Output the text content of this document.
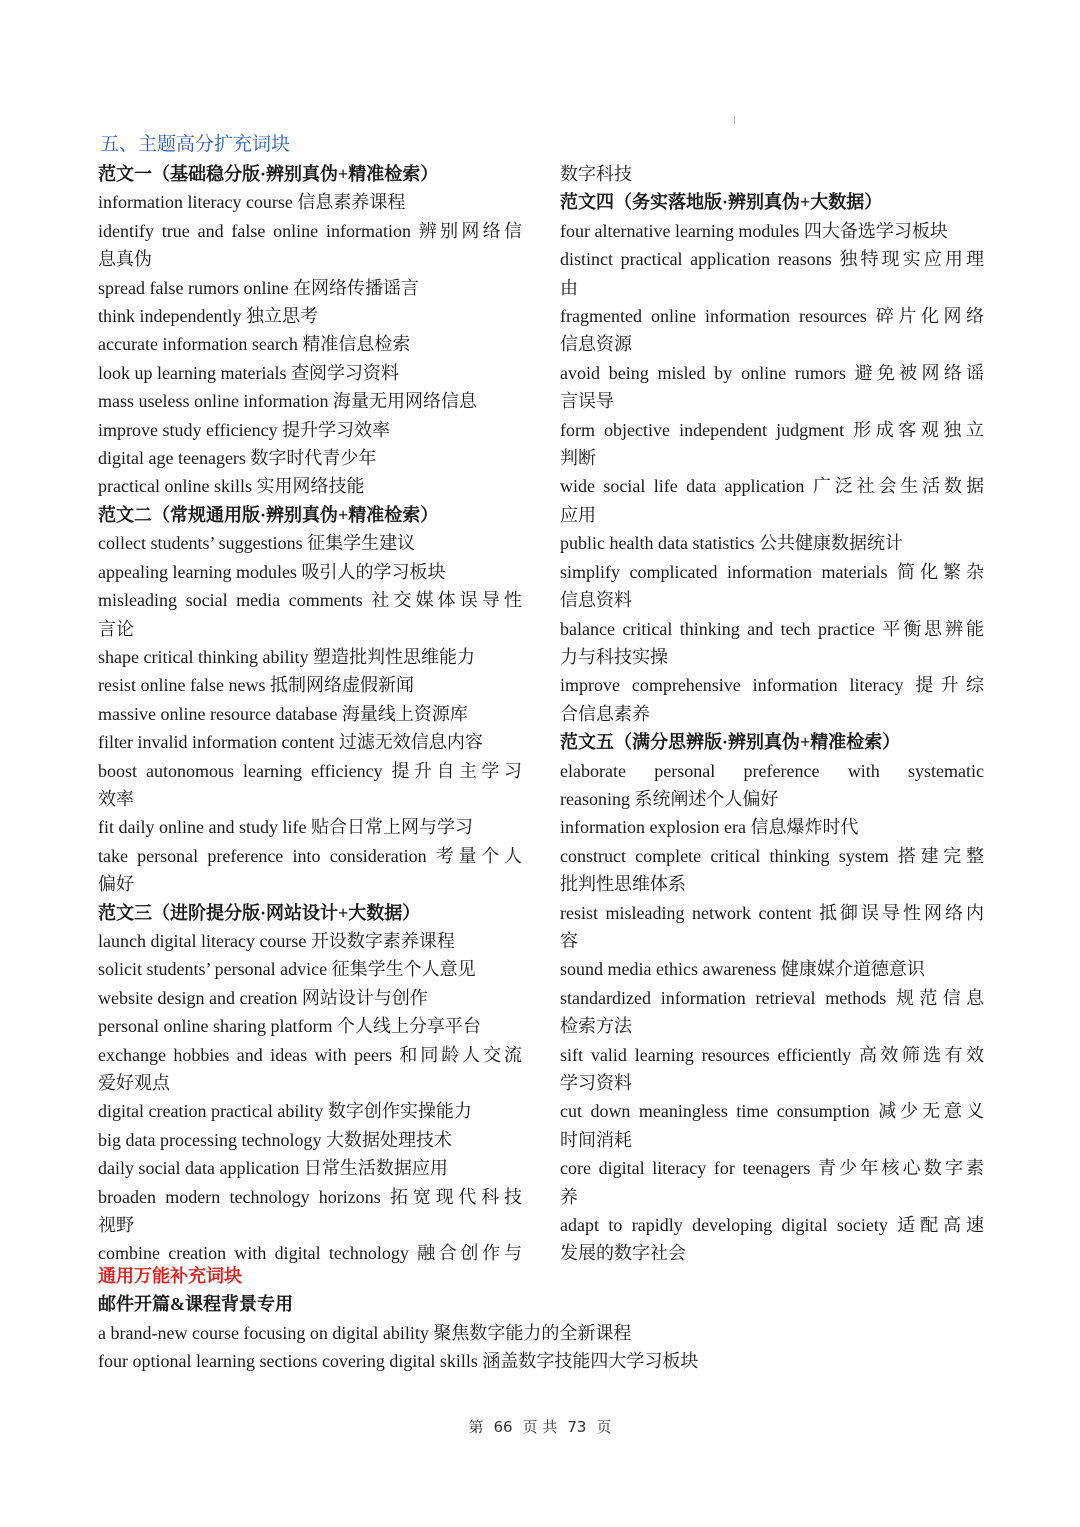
五、主题高分扩充词块
范文一（基础稳分版·辨别真伪+精准检索）
information literacy course 信息素养课程
identify true and false online information 辨别网络信
息真伪
spread false rumors online 在网络传播谣言
think independently 独立思考
accurate information search 精准信息检索
look up learning materials 查阅学习资料
mass useless online information 海量无用网络信息
improve study efficiency 提升学习效率
digital age teenagers 数字时代青少年
practical online skills 实用网络技能
范文二（常规通用版·辨别真伪+精准检索）
collect students’ suggestions 征集学生建议
appealing learning modules 吸引人的学习板块
misleading social media comments 社交媒体误导性
言论
shape critical thinking ability 塑造批判性思维能力
resist online false news 抵制网络虚假新闻
massive online resource database 海量线上资源库
filter invalid information content 过滤无效信息内容
boost autonomous learning efficiency 提升自主学习
效率
fit daily online and study life 贴合日常上网与学习
take personal preference into consideration 考量个人
偏好
范文三（进阶提分版·网站设计+大数据）
launch digital literacy course 开设数字素养课程
solicit students’ personal advice 征集学生个人意见
website design and creation 网站设计与创作
personal online sharing platform 个人线上分享平台
exchange hobbies and ideas with peers 和同龄人交流
爱好观点
digital creation practical ability 数字创作实操能力
big data processing technology 大数据处理技术
daily social data application 日常生活数据应用
broaden modern technology horizons 拓宽现代科技
视野
combine creation with digital technology 融合创作与
数字科技
范文四（务实落地版·辨别真伪+大数据）
four alternative learning modules 四大备选学习板块
distinct practical application reasons 独特现实应用理
由
fragmented online information resources 碎片化网络
信息资源
avoid being misled by online rumors 避免被网络谣
言误导
form objective independent judgment 形成客观独立
判断
wide social life data application 广泛社会生活数据
应用
public health data statistics 公共健康数据统计
simplify complicated information materials 简化繁杂
信息资料
balance critical thinking and tech practice 平衡思辨能
力与科技实操
improve comprehensive information literacy 提升综
合信息素养
范文五（满分思辨版·辨别真伪+精准检索）
elaborate personal preference with systematic
reasoning 系统阐述个人偏好
information explosion era 信息爆炸时代
construct complete critical thinking system 搭建完整
批判性思维体系
resist misleading network content 抵御误导性网络内
容
sound media ethics awareness 健康媒介道德意识
standardized information retrieval methods 规范信息
检索方法
sift valid learning resources efficiently 高效筛选有效
学习资料
cut down meaningless time consumption 减少无意义
时间消耗
core digital literacy for teenagers 青少年核心数字素
养
adapt to rapidly developing digital society 适配高速
发展的数字社会
通用万能补充词块
邮件开篇&课程背景专用
a brand-new course focusing on digital ability 聚焦数字能力的全新课程
four optional learning sections covering digital skills 涵盖数字技能四大学习板块
第 66 页 共 73 页
